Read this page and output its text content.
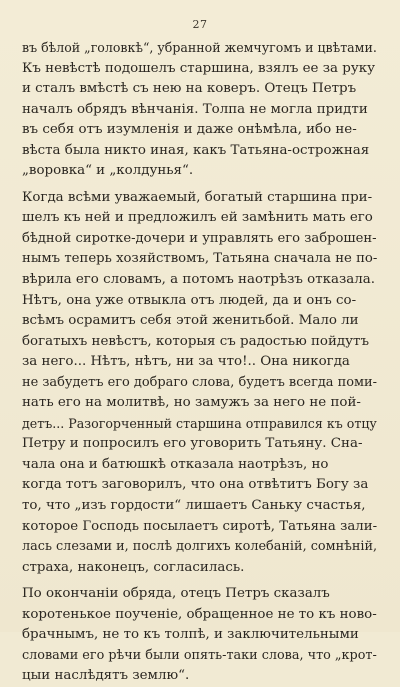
27
въ бѣлой „головкѣ“, убранной жемчугомъ и цвѣтами.
Къ невѣстѣ подошелъ старшина, взялъ ее за руку
и сталъ вмѣстѣ съ нею на коверъ. Отецъ Петръ
началъ обрядъ вѣнчанія. Толпа не могла придти
въ себя отъ изумленія и даже онѣмѣла, ибо не-
вѣста была никто иная, какъ Татьяна-острожная
„воровка“ и „колдунья“.
Когда всѣми уважаемый, богатый старшина при-
шелъ къ ней и предложилъ ей замѣнить мать его
бѣдной сиротке-дочери и управлять его заброшен-
нымъ теперь хозяйствомъ, Татьяна сначала не по-
вѣрила его словамъ, а потомъ наотрѣзъ отказала.
Нѣтъ, она уже отвыкла отъ людей, да и онъ со-
всѣмъ осрамитъ себя этой женитьбой. Мало ли
богатыхъ невѣстъ, которыя съ радостью пойдутъ
за него... Нѣтъ, нѣтъ, ни за что!.. Она никогда
не забудетъ его добраго слова, будетъ всегда поми-
нать его на молитвѣ, но замужъ за него не пой-
детъ... Разогорченный старшина отправился къ отцу
Петру и попросилъ его уговорить Татьяну. Сна-
чала она и батюшкѣ отказала наотрѣзъ, но
когда тотъ заговорилъ, что она отвѣтитъ Богу за
то, что „изъ гордости“ лишаетъ Саньку счастья,
которое Господь посылаетъ сиротѣ, Татьяна зали-
лась слезами и, послѣ долгихъ колебаній, сомнѣній,
страха, наконецъ, согласилась.
По окончаніи обряда, отецъ Петръ сказалъ
коротенькое поученіе, обращенное не то къ ново-
брачнымъ, не то къ толпѣ, и заключительными
словами его рѣчи были опять-таки слова, что „крот-
цыи наслѣдятъ землю“.
